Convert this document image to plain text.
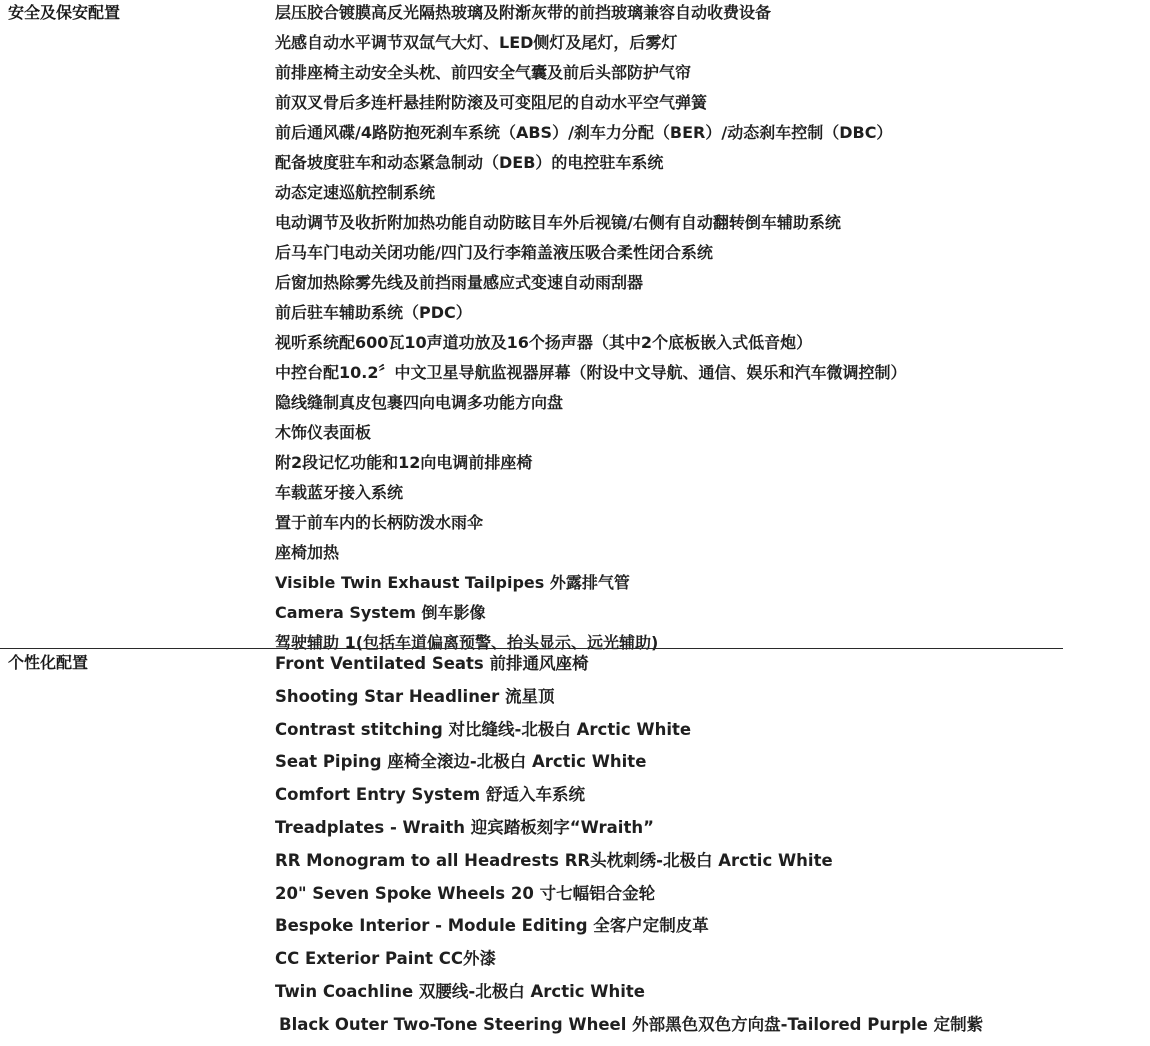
安全及保安配置	层压胶合镀膜高反光隔热玻璃及附渐灰带的前挡玻璃兼容自动收费设备
光感自动水平调节双氙气大灯、LED侧灯及尾灯，后雾灯
前排座椅主动安全头枕、前四安全气囊及前后头部防护气帘
前双叉骨后多连杆悬挂附防滚及可变阻尼的自动水平空气弹簧
前后通风碟/4路防抱死刹车系统（ABS）/刹车力分配（BER）/动态刹车控制（DBC）
配备坡度驻车和动态紧急制动（DEB）的电控驻车系统
动态定速巡航控制系统
电动调节及收折附加热功能自动防眩目车外后视镜/右侧有自动翻转倒车辅助系统
后马车门电动关闭功能/四门及行李箱盖液压吸合柔性闭合系统
后窗加热除雾先线及前挡雨量感应式变速自动雨刮器
前后驻车辅助系统（PDC）
视听系统配600瓦10声道功放及16个扬声器（其中2个底板嵌入式低音炮）
中控台配10.2〞中文卫星导航监视器屏幕（附设中文导航、通信、娱乐和汽车微调控制）
隐线缝制真皮包裹四向电调多功能方向盘
木饰仪表面板
附2段记忆功能和12向电调前排座椅
车载蓝牙接入系统
置于前车内的长柄防泼水雨伞
座椅加热
Visible Twin Exhaust Tailpipes 外露排气管
Camera System 倒车影像
驾驶辅助 1(包括车道偏离预警、抬头显示、远光辅助)
个性化配置	Front Ventilated Seats 前排通风座椅
Shooting Star Headliner 流星顶
Contrast stitching 对比缝线-北极白 Arctic White
Seat Piping 座椅全滚边-北极白 Arctic White
Comfort Entry System 舒适入车系统
Treadplates - Wraith 迎宾踏板刻字“Wraith”
RR Monogram to all Headrests RR头枕刺绣-北极白 Arctic White
20" Seven Spoke Wheels 20 寸七幅铝合金轮
Bespoke Interior - Module Editing 全客户定制皮革
CC Exterior Paint CC外漆
Twin Coachline 双腰线-北极白 Arctic White
Black Outer Two-Tone Steering Wheel 外部黑色双色方向盘-Tailored Purple 定制紫
